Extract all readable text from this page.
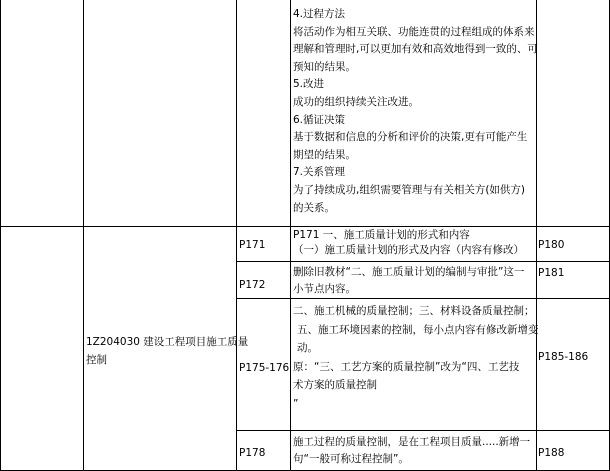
4.过程方法
将活动作为相互关联、功能连贯的过程组成的体系来
理解和管理时,可以更加有效和高效地得到一致的、可
预知的结果。
5.改进
成功的组织持续关注改进。
6.循证决策
基于数据和信息的分析和评价的决策,更有可能产生
期望的结果。
7.关系管理
为了持续成功,组织需要管理与有关相关方(如供方)
的关系。
1Z204030 建设工程项目施工质量
控制
P171
P171 一、施工质量计划的形式和内容
（一）施工质量计划的形式及内容（内容有修改） P180
P172
删除旧教材“二、施工质量计划的编制与审批”这一
小节点内容。
P181
P175-176
二、施工机械的质量控制；三、材料设备质量控制；
五、施工环境因素的控制，每小点内容有修改新增变
动。
原：“三、工艺方案的质量控制”改为“四、工艺技
术方案的质量控制
”
P185-186
P178
施工过程的质量控制，是在工程项目质量.....新增一
句“一般可称过程控制”。	P188
